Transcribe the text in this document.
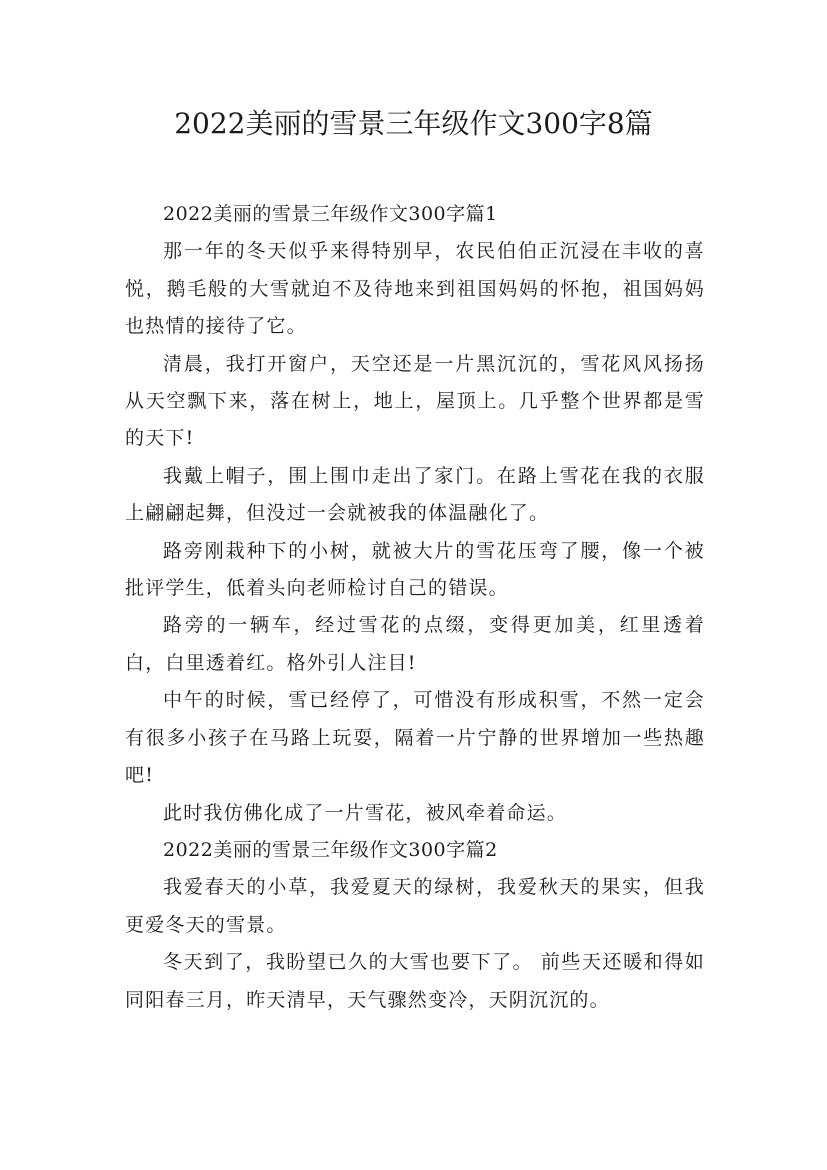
2022美丽的雪景三年级作文300字8篇

2022美丽的雪景三年级作文300字篇1

那一年的冬天似乎来得特别早，农民伯伯正沉浸在丰收的喜悦，鹅毛般的大雪就迫不及待地来到祖国妈妈的怀抱，祖国妈妈也热情的接待了它。

清晨，我打开窗户，天空还是一片黑沉沉的，雪花风风扬扬从天空飘下来，落在树上，地上，屋顶上。几乎整个世界都是雪的天下!

我戴上帽子，围上围巾走出了家门。在路上雪花在我的衣服上翩翩起舞，但没过一会就被我的体温融化了。

路旁刚栽种下的小树，就被大片的雪花压弯了腰，像一个被批评学生，低着头向老师检讨自己的错误。

路旁的一辆车，经过雪花的点缀，变得更加美，红里透着白，白里透着红。格外引人注目!

中午的时候，雪已经停了，可惜没有形成积雪，不然一定会有很多小孩子在马路上玩耍，隔着一片宁静的世界增加一些热趣吧!

此时我仿佛化成了一片雪花，被风牵着命运。

2022美丽的雪景三年级作文300字篇2

我爱春天的小草，我爱夏天的绿树，我爱秋天的果实，但我更爱冬天的雪景。

冬天到了，我盼望已久的大雪也要下了。 前些天还暖和得如同阳春三月，昨天清早，天气骤然变冷，天阴沉沉的。
